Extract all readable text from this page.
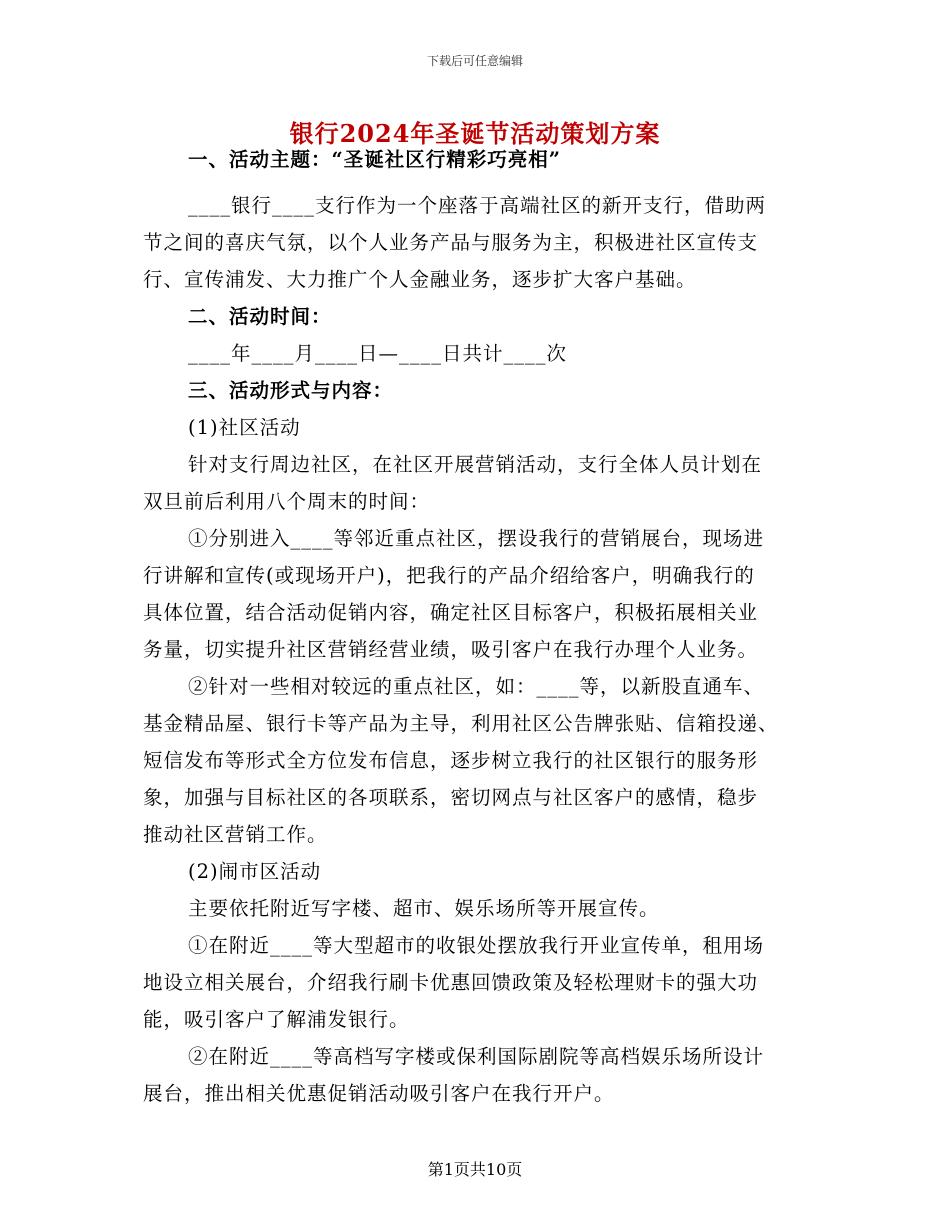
下载后可任意编辑
银行2024年圣诞节活动策划方案
一、活动主题：“圣诞社区行精彩巧亮相”
____银行____支行作为一个座落于高端社区的新开支行，借助两
节之间的喜庆气氛，以个人业务产品与服务为主，积极进社区宣传支
行、宣传浦发、大力推广个人金融业务，逐步扩大客户基础。
二、活动时间：
____年____月____日—____日共计____次
三、活动形式与内容：
(1)社区活动
针对支行周边社区，在社区开展营销活动，支行全体人员计划在
双旦前后利用八个周末的时间：
①分别进入____等邻近重点社区，摆设我行的营销展台，现场进
行讲解和宣传(或现场开户)，把我行的产品介绍给客户，明确我行的
具体位置，结合活动促销内容，确定社区目标客户，积极拓展相关业
务量，切实提升社区营销经营业绩，吸引客户在我行办理个人业务。
②针对一些相对较远的重点社区，如：____等，以新股直通车、
基金精品屋、银行卡等产品为主导，利用社区公告牌张贴、信箱投递、
短信发布等形式全方位发布信息，逐步树立我行的社区银行的服务形
象，加强与目标社区的各项联系，密切网点与社区客户的感情，稳步
推动社区营销工作。
(2)闹市区活动
主要依托附近写字楼、超市、娱乐场所等开展宣传。
①在附近____等大型超市的收银处摆放我行开业宣传单，租用场
地设立相关展台，介绍我行刷卡优惠回馈政策及轻松理财卡的强大功
能，吸引客户了解浦发银行。
②在附近____等高档写字楼或保利国际剧院等高档娱乐场所设计
展台，推出相关优惠促销活动吸引客户在我行开户。
第1页共10页
